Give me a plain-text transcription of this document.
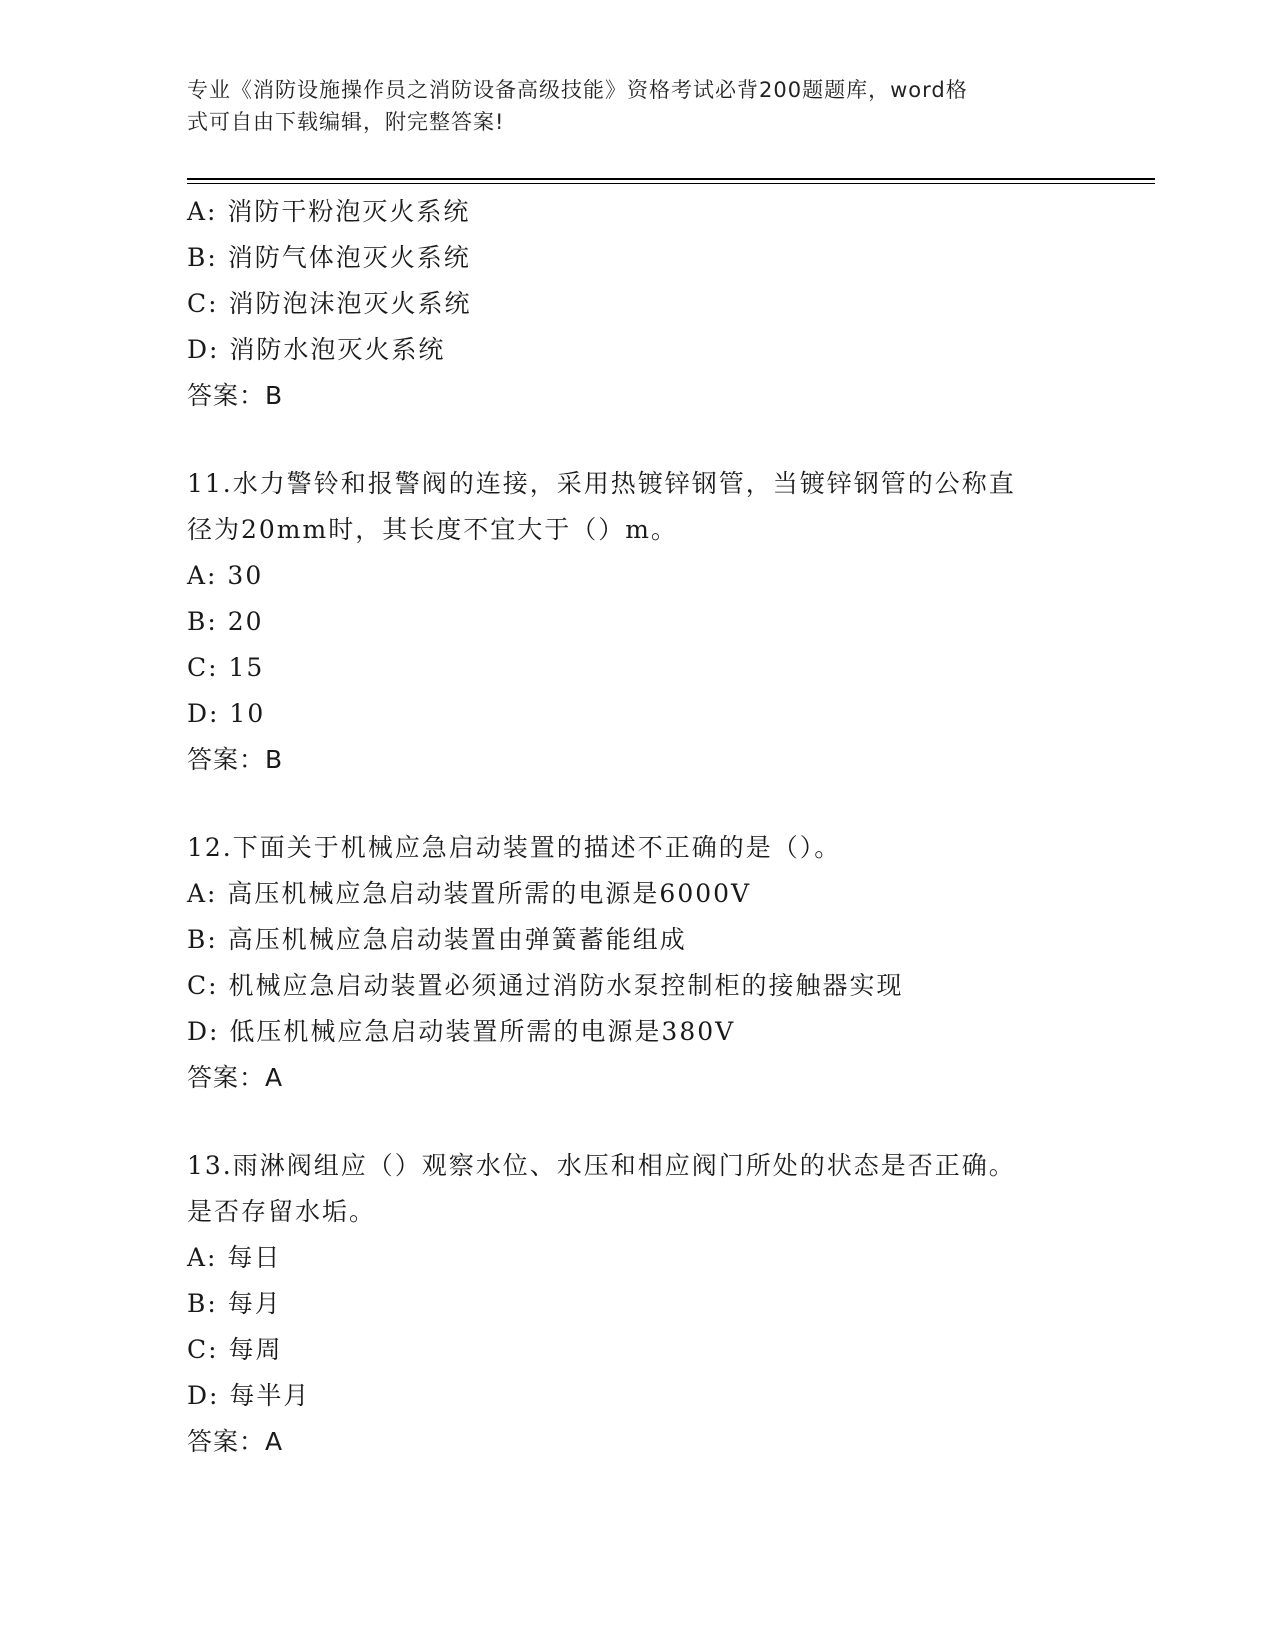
专业《消防设施操作员之消防设备高级技能》资格考试必背200题题库，word格
式可自由下载编辑，附完整答案!
A: 消防干粉泡灭火系统
B: 消防气体泡灭火系统
C: 消防泡沫泡灭火系统
D: 消防水泡灭火系统
答案：B
11.水力警铃和报警阀的连接，采用热镀锌钢管，当镀锌钢管的公称直
径为20mm时，其长度不宜大于（）m。
A: 30
B: 20
C: 15
D: 10
答案：B
12.下面关于机械应急启动装置的描述不正确的是（）。
A: 高压机械应急启动装置所需的电源是6000V
B: 高压机械应急启动装置由弹簧蓄能组成
C: 机械应急启动装置必须通过消防水泵控制柜的接触器实现
D: 低压机械应急启动装置所需的电源是380V
答案：A
13.雨淋阀组应（）观察水位、水压和相应阀门所处的状态是否正确。
是否存留水垢。
A: 每日
B: 每月
C: 每周
D: 每半月
答案：A
